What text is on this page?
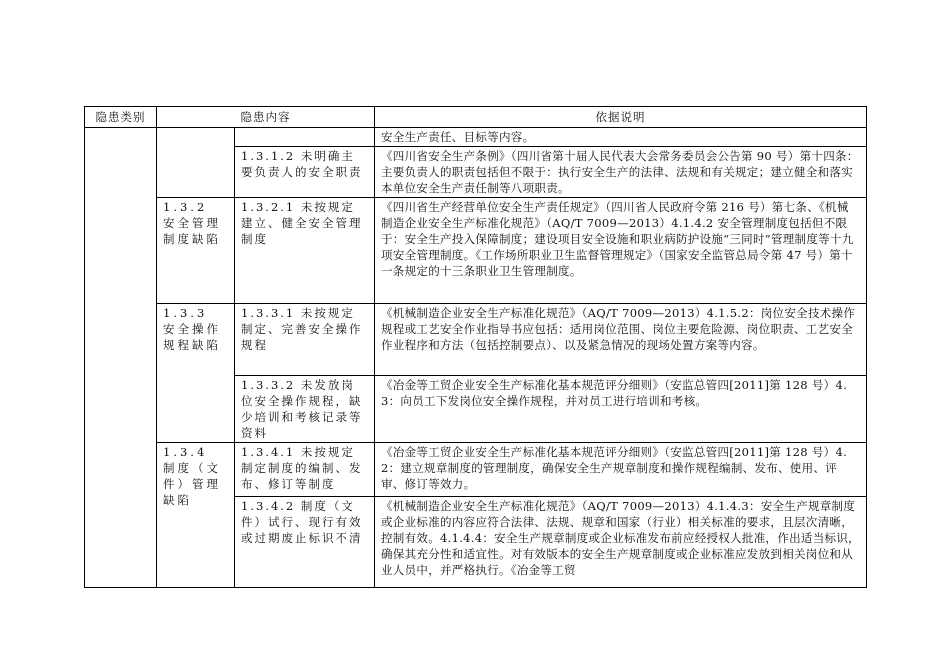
隐患类别	隐患内容		依据说明
			安全生产责任、目标等内容。
		1.3.1.2 未明确主要负责人的安全职责	《四川省安全生产条例》（四川省第十届人民代表大会常务委员会公告第 90 号）第十四条：主要负责人的职责包括但不限于：执行安全生产的法律、法规和有关规定；建立健全和落实本单位安全生产责任制等八项职责。
	1.3.2 安全管理制度缺陷	1.3.2.1 未按规定建立、健全安全管理制度	《四川省生产经营单位安全生产责任规定》（四川省人民政府令第 216 号）第七条、《机械制造企业安全生产标准化规范》（AQ/T 7009—2013）4.1.4.2 安全管理制度包括但不限于：安全生产投入保障制度；建设项目安全设施和职业病防护设施“三同时”管理制度等十九项安全管理制度。《工作场所职业卫生监督管理规定》（国家安全监管总局令第 47 号）第十一条规定的十三条职业卫生管理制度。
	1.3.3 安全操作规程缺陷	1.3.3.1 未按规定制定、完善安全操作规程	《机械制造企业安全生产标准化规范》（AQ/T 7009—2013）4.1.5.2：岗位安全技术操作规程或工艺安全作业指导书应包括：适用岗位范围、岗位主要危险源、岗位职责、工艺安全作业程序和方法（包括控制要点）、以及紧急情况的现场处置方案等内容。
		1.3.3.2 未发放岗位安全操作规程，缺少培训和考核记录等资料	《冶金等工贸企业安全生产标准化基本规范评分细则》（安监总管四[2011]第 128 号）4.3：向员工下发岗位安全操作规程，并对员工进行培训和考核。
	1.3.4 制度（文件）管理缺陷	1.3.4.1 未按规定制定制度的编制、发布、修订等制度	《冶金等工贸企业安全生产标准化基本规范评分细则》（安监总管四[2011]第 128 号）4.2：建立规章制度的管理制度，确保安全生产规章制度和操作规程编制、发布、使用、评审、修订等效力。
		1.3.4.2 制度（文件）试行、现行有效或过期废止标识不清	《机械制造企业安全生产标准化规范》（AQ/T 7009—2013）4.1.4.3：安全生产规章制度或企业标准的内容应符合法律、法规、规章和国家（行业）相关标准的要求，且层次清晰，控制有效。4.1.4.4：安全生产规章制度或企业标准发布前应经授权人批准，作出适当标识，确保其充分性和适宜性。对有效版本的安全生产规章制度或企业标准应发放到相关岗位和从业人员中，并严格执行。《冶金等工贸
